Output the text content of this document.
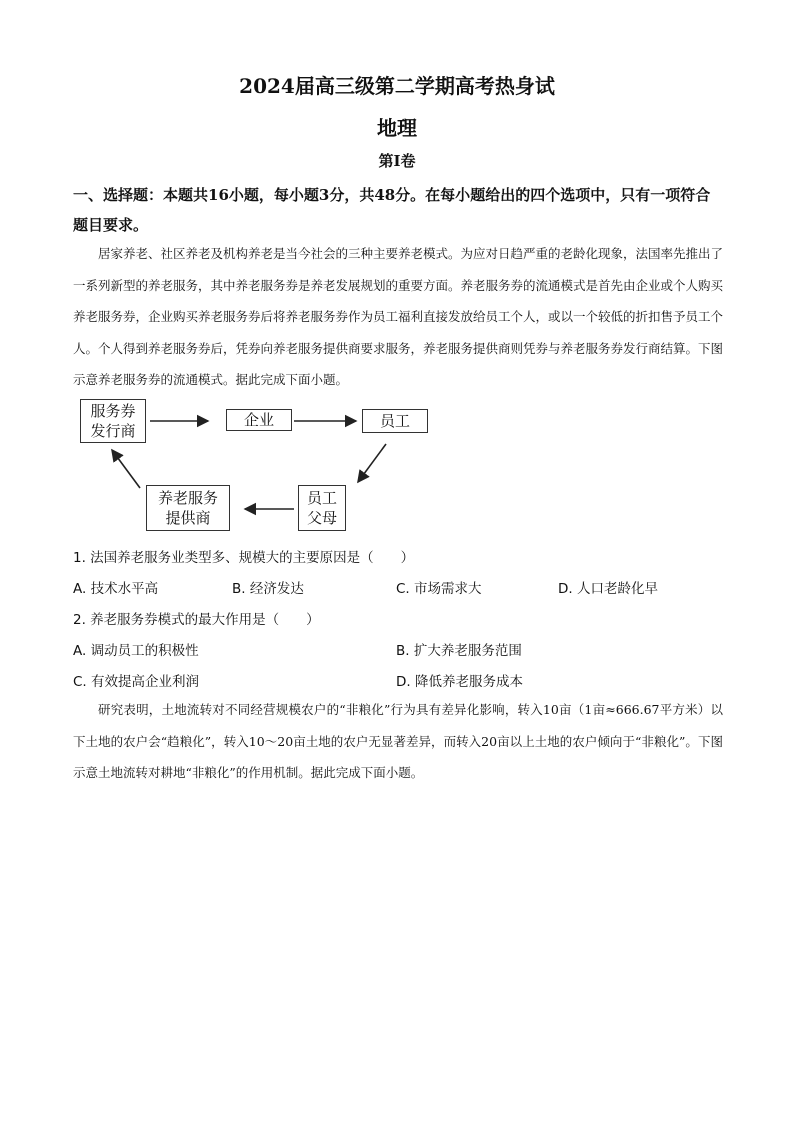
2024届高三级第二学期高考热身试
地理
第Ⅰ卷
一、选择题：本题共16小题，每小题3分，共48分。在每小题给出的四个选项中，只有一项符合题目要求。
居家养老、社区养老及机构养老是当今社会的三种主要养老模式。为应对日趋严重的老龄化现象，法国率先推出了一系列新型的养老服务，其中养老服务券是养老发展规划的重要方面。养老服务券的流通模式是首先由企业或个人购买养老服务券，企业购买养老服务券后将养老服务券作为员工福利直接发放给员工个人，或以一个较低的折扣售予员工个人。个人得到养老服务券后，凭券向养老服务提供商要求服务，养老服务提供商则凭券与养老服务券发行商结算。下图示意养老服务券的流通模式。据此完成下面小题。
服务券
发行商
企业	员工
员工
父母
养老服务
提供商
1. 法国养老服务业类型多、规模大的主要原因是（　　）
A. 技术水平高	B. 经济发达	C. 市场需求大	D. 人口老龄化早
2. 养老服务券模式的最大作用是（　　）
A. 调动员工的积极性	B. 扩大养老服务范围
C. 有效提高企业利润	D. 降低养老服务成本
研究表明，土地流转对不同经营规模农户的“非粮化”行为具有差异化影响，转入10亩（1亩≈666.67平方米）以下土地的农户会“趋粮化”，转入10～20亩土地的农户无显著差异，而转入20亩以上土地的农户倾向于“非粮化”。下图示意土地流转对耕地“非粮化”的作用机制。据此完成下面小题。
